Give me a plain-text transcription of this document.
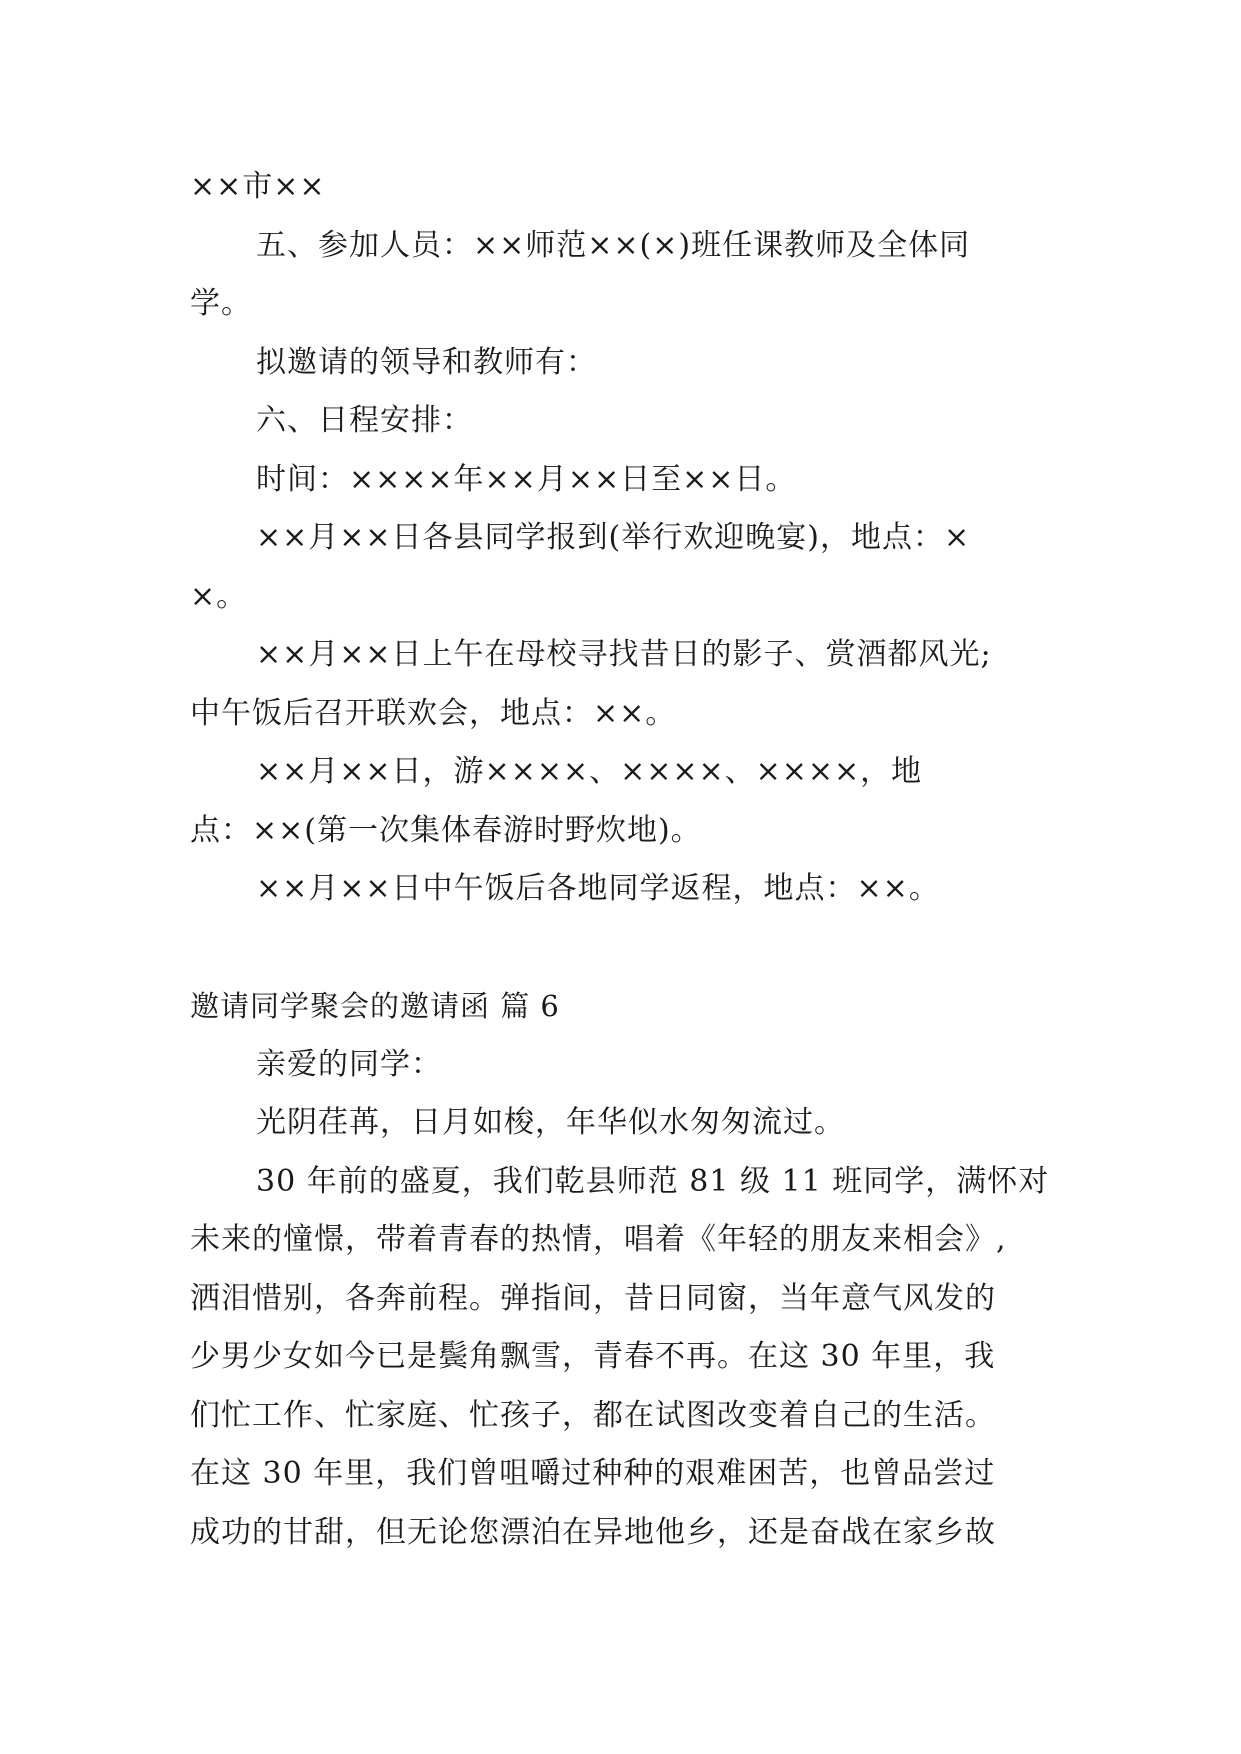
××市××
五、参加人员：××师范××(×)班任课教师及全体同
学。
拟邀请的领导和教师有：
六、日程安排：
时间：××××年××月××日至××日。
××月××日各县同学报到(举行欢迎晚宴)，地点：×
×。
××月××日上午在母校寻找昔日的影子、赏酒都风光;
中午饭后召开联欢会，地点：××。
××月××日，游××××、××××、××××，地
点：××(第一次集体春游时野炊地)。
××月××日中午饭后各地同学返程，地点：××。
邀请同学聚会的邀请函 篇 6
亲爱的同学：
光阴荏苒，日月如梭，年华似水匆匆流过。
30 年前的盛夏，我们乾县师范 81 级 11 班同学，满怀对
未来的憧憬，带着青春的热情，唱着《年轻的朋友来相会》,
洒泪惜别，各奔前程。弹指间，昔日同窗，当年意气风发的
少男少女如今已是鬓角飘雪，青春不再。在这 30 年里，我
们忙工作、忙家庭、忙孩子，都在试图改变着自己的生活。
在这 30 年里，我们曾咀嚼过种种的艰难困苦，也曾品尝过
成功的甘甜，但无论您漂泊在异地他乡，还是奋战在家乡故
